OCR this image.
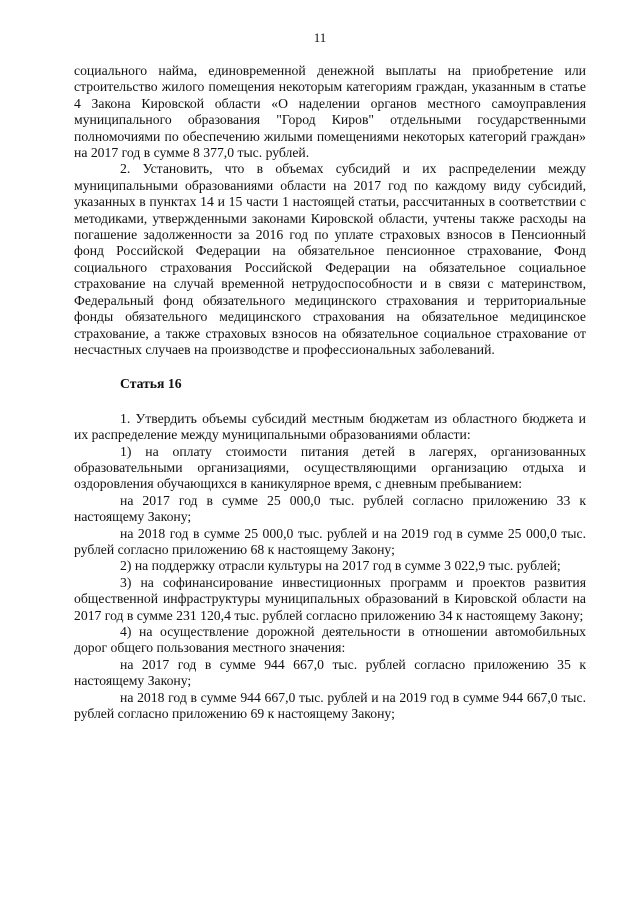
11

социального найма, единовременной денежной выплаты на приобретение или строительство жилого помещения некоторым категориям граждан, указанным в статье 4 Закона Кировской области «О наделении органов местного самоуправления муниципального образования "Город Киров" отдельными государственными полномочиями по обеспечению жилыми помещениями некоторых категорий граждан» на 2017 год в сумме 8 377,0 тыс. рублей.

2. Установить, что в объемах субсидий и их распределении между муниципальными образованиями области на 2017 год по каждому виду субсидий, указанных в пунктах 14 и 15 части 1 настоящей статьи, рассчитанных в соответствии с методиками, утвержденными законами Кировской области, учтены также расходы на погашение задолженности за 2016 год по уплате страховых взносов в Пенсионный фонд Российской Федерации на обязательное пенсионное страхование, Фонд социального страхования Российской Федерации на обязательное социальное страхование на случай временной нетрудоспособности и в связи с материнством, Федеральный фонд обязательного медицинского страхования и территориальные фонды обязательного медицинского страхования на обязательное медицинское страхование, а также страховых взносов на обязательное социальное страхование от несчастных случаев на производстве и профессиональных заболеваний.

Статья 16

1. Утвердить объемы субсидий местным бюджетам из областного бюджета и их распределение между муниципальными образованиями области:

1) на оплату стоимости питания детей в лагерях, организованных образовательными организациями, осуществляющими организацию отдыха и оздоровления обучающихся в каникулярное время, с дневным пребыванием:

на 2017 год в сумме 25 000,0 тыс. рублей согласно приложению 33 к настоящему Закону;

на 2018 год в сумме 25 000,0 тыс. рублей и на 2019 год в сумме 25 000,0 тыс. рублей согласно приложению 68 к настоящему Закону;

2) на поддержку отрасли культуры на 2017 год в сумме 3 022,9 тыс. рублей;

3) на софинансирование инвестиционных программ и проектов развития общественной инфраструктуры муниципальных образований в Кировской области на 2017 год в сумме 231 120,4 тыс. рублей согласно приложению 34 к настоящему Закону;

4) на осуществление дорожной деятельности в отношении автомобильных дорог общего пользования местного значения:

на 2017 год в сумме 944 667,0 тыс. рублей согласно приложению 35 к настоящему Закону;

на 2018 год в сумме 944 667,0 тыс. рублей и на 2019 год в сумме 944 667,0 тыс. рублей согласно приложению 69 к настоящему Закону;
